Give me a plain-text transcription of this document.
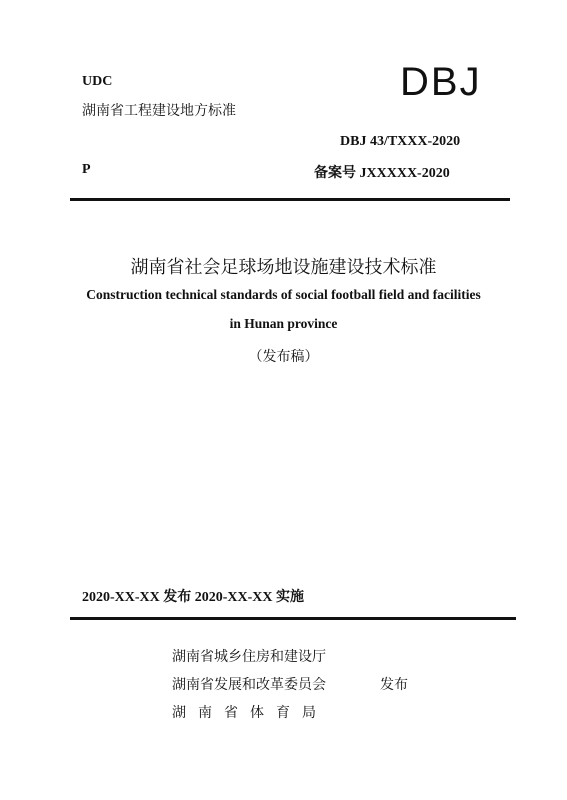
UDC
湖南省工程建设地方标准
DBJ
DBJ 43/TXXX-2020
P	备案号 JXXXXX-2020
湖南省社会足球场地设施建设技术标准
Construction technical standards of social football field and facilities
in Hunan province
（发布稿）
2020-XX-XX 发布 2020-XX-XX 实施
湖南省城乡住房和建设厅
湖南省发展和改革委员会
湖南省体育局
发布
